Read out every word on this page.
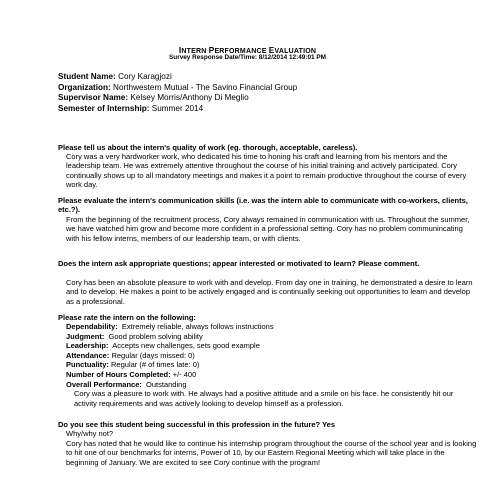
INTERN PERFORMANCE EVALUATION
Survey Response Date/Time: 8/12/2014 12:49:01 PM
Student Name: Cory Karagjozi
Organization: Northwestern Mutual - The Savino Financial Group
Supervisor Name: Kelsey Morris/Anthony Di Meglio
Semester of Internship: Summer 2014
Please tell us about the intern's quality of work (eg. thorough, acceptable, careless).
Cory was a very hardworker work, who dedicated his time to honing his craft and learning from his mentors and the leadership team. He was extremely attentive throughout the course of his initial training and actively participated. Cory continually shows up to all mandatory meetings and makes it a point to remain productive throughout the course of every work day.
Please evaluate the intern's communication skills (i.e. was the intern able to communicate with co-workers, clients, etc.?).
From the beginning of the recruitment process, Cory always remained in communication with us. Throughout the summer, we have watched him grow and become more confident in a professional setting. Cory has no problem communincating with his fellow interns, members of our leadership team, or with clients.
Does the intern ask appropriate questions; appear interested or motivated to learn? Please comment.
Cory has been an absolute pleasure to work with and develop. From day one in training, he demonstrated a desire to learn and to develop. He makes a point to be actively engaged and is continually seeking out opportunities to learn and develop as a professional.
Please rate the intern on the following:
Dependability: Extremely reliable, always follows instructions
Judgment: Good problem solving ability
Leadership: Accepts new challenges, sets good example
Attendance: Regular (days missed: 0)
Punctuality: Regular (# of times late: 0)
Number of Hours Completed: +/- 400
Overall Performance: Outstanding
Cory was a pleasure to work with. He always had a positive attitude and a smile on his face. he consistently hit our activity requirements and was actively looking to develop himself as a profession.
Do you see this student being successful in this profession in the future? Yes
Why/why not?
Cory has noted that he would like to continue his internship program throughout the course of the school year and is looking to hit one of our benchmarks for interns, Power of 10, by our Eastern Regional Meeting which will take place in the beginning of January. We are excited to see Cory continue with the program!
